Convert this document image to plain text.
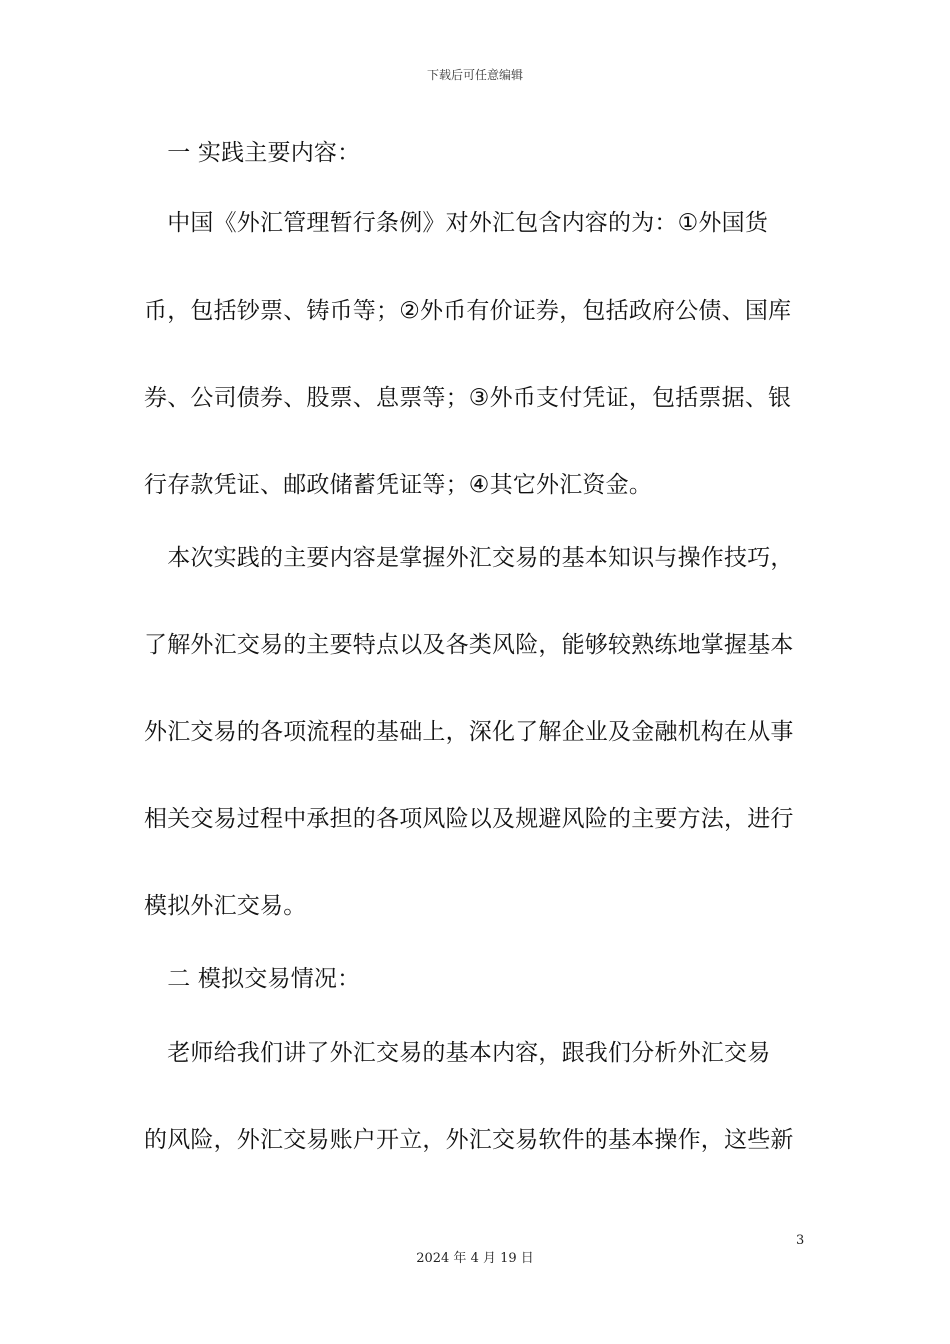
下载后可任意编辑
　一 实践主要内容：
　中国《外汇管理暂行条例》对外汇包含内容的为：①外国货
币，包括钞票、铸币等；②外币有价证券，包括政府公债、国库
券、公司债券、股票、息票等；③外币支付凭证，包括票据、银
行存款凭证、邮政储蓄凭证等；④其它外汇资金。
　本次实践的主要内容是掌握外汇交易的基本知识与操作技巧，
了解外汇交易的主要特点以及各类风险，能够较熟练地掌握基本
外汇交易的各项流程的基础上，深化了解企业及金融机构在从事
相关交易过程中承担的各项风险以及规避风险的主要方法，进行
模拟外汇交易。
　二 模拟交易情况：
　老师给我们讲了外汇交易的基本内容，跟我们分析外汇交易
的风险，外汇交易账户开立，外汇交易软件的基本操作，这些新
3
2024 年 4 月 19 日
